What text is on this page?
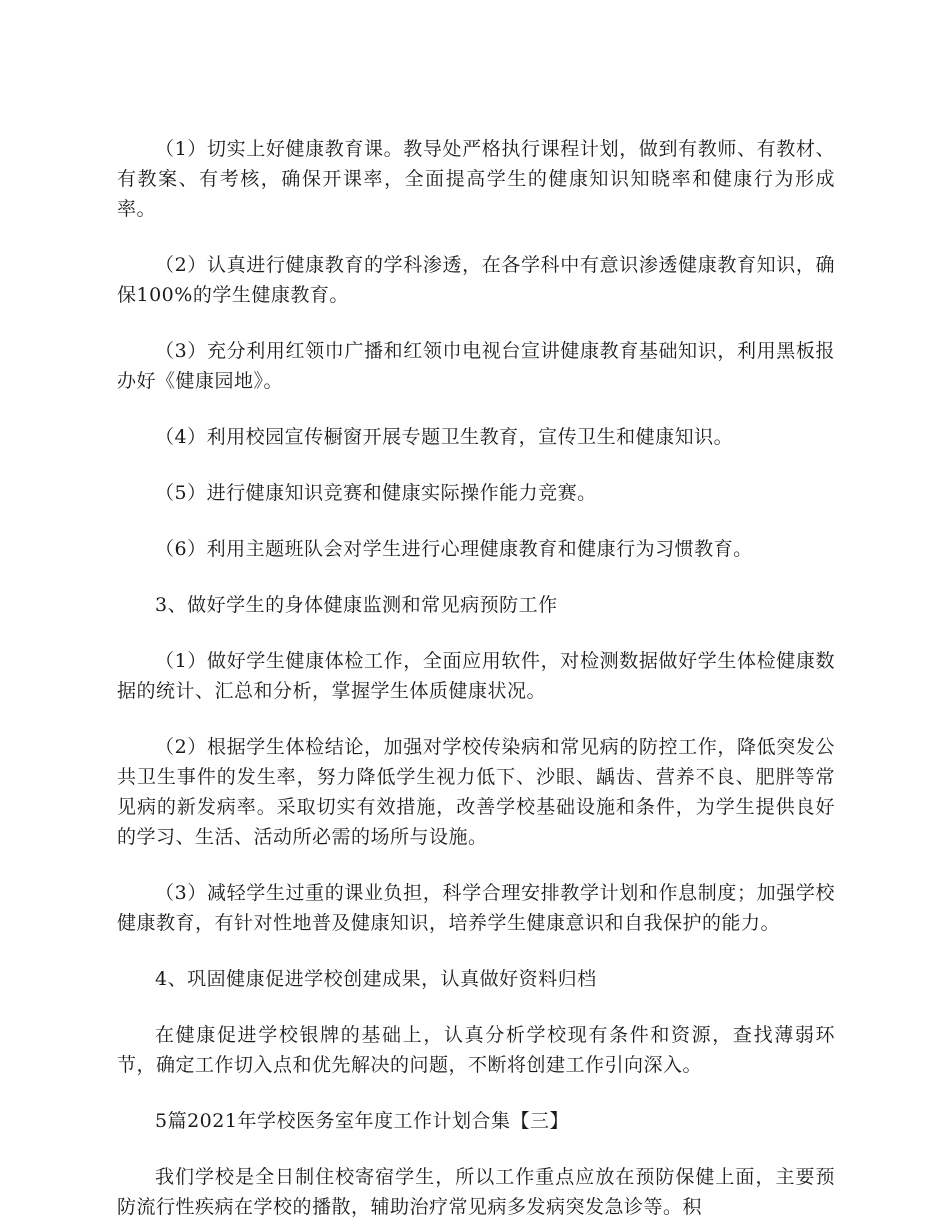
（1）切实上好健康教育课。教导处严格执行课程计划，做到有教师、有教材、有教案、有考核，确保开课率，全面提高学生的健康知识知晓率和健康行为形成率。

（2）认真进行健康教育的学科渗透，在各学科中有意识渗透健康教育知识，确保100%的学生健康教育。

（3）充分利用红领巾广播和红领巾电视台宣讲健康教育基础知识，利用黑板报办好《健康园地》。

（4）利用校园宣传橱窗开展专题卫生教育，宣传卫生和健康知识。

（5）进行健康知识竞赛和健康实际操作能力竞赛。

（6）利用主题班队会对学生进行心理健康教育和健康行为习惯教育。

3、做好学生的身体健康监测和常见病预防工作

（1）做好学生健康体检工作，全面应用软件，对检测数据做好学生体检健康数据的统计、汇总和分析，掌握学生体质健康状况。

（2）根据学生体检结论，加强对学校传染病和常见病的防控工作，降低突发公共卫生事件的发生率，努力降低学生视力低下、沙眼、龋齿、营养不良、肥胖等常见病的新发病率。采取切实有效措施，改善学校基础设施和条件，为学生提供良好的学习、生活、活动所必需的场所与设施。

（3）减轻学生过重的课业负担，科学合理安排教学计划和作息制度；加强学校健康教育，有针对性地普及健康知识，培养学生健康意识和自我保护的能力。

4、巩固健康促进学校创建成果，认真做好资料归档

在健康促进学校银牌的基础上，认真分析学校现有条件和资源，查找薄弱环节，确定工作切入点和优先解决的问题，不断将创建工作引向深入。

5篇2021年学校医务室年度工作计划合集【三】

我们学校是全日制住校寄宿学生，所以工作重点应放在预防保健上面，主要预防流行性疾病在学校的播散，辅助治疗常见病多发病突发急诊等。积
